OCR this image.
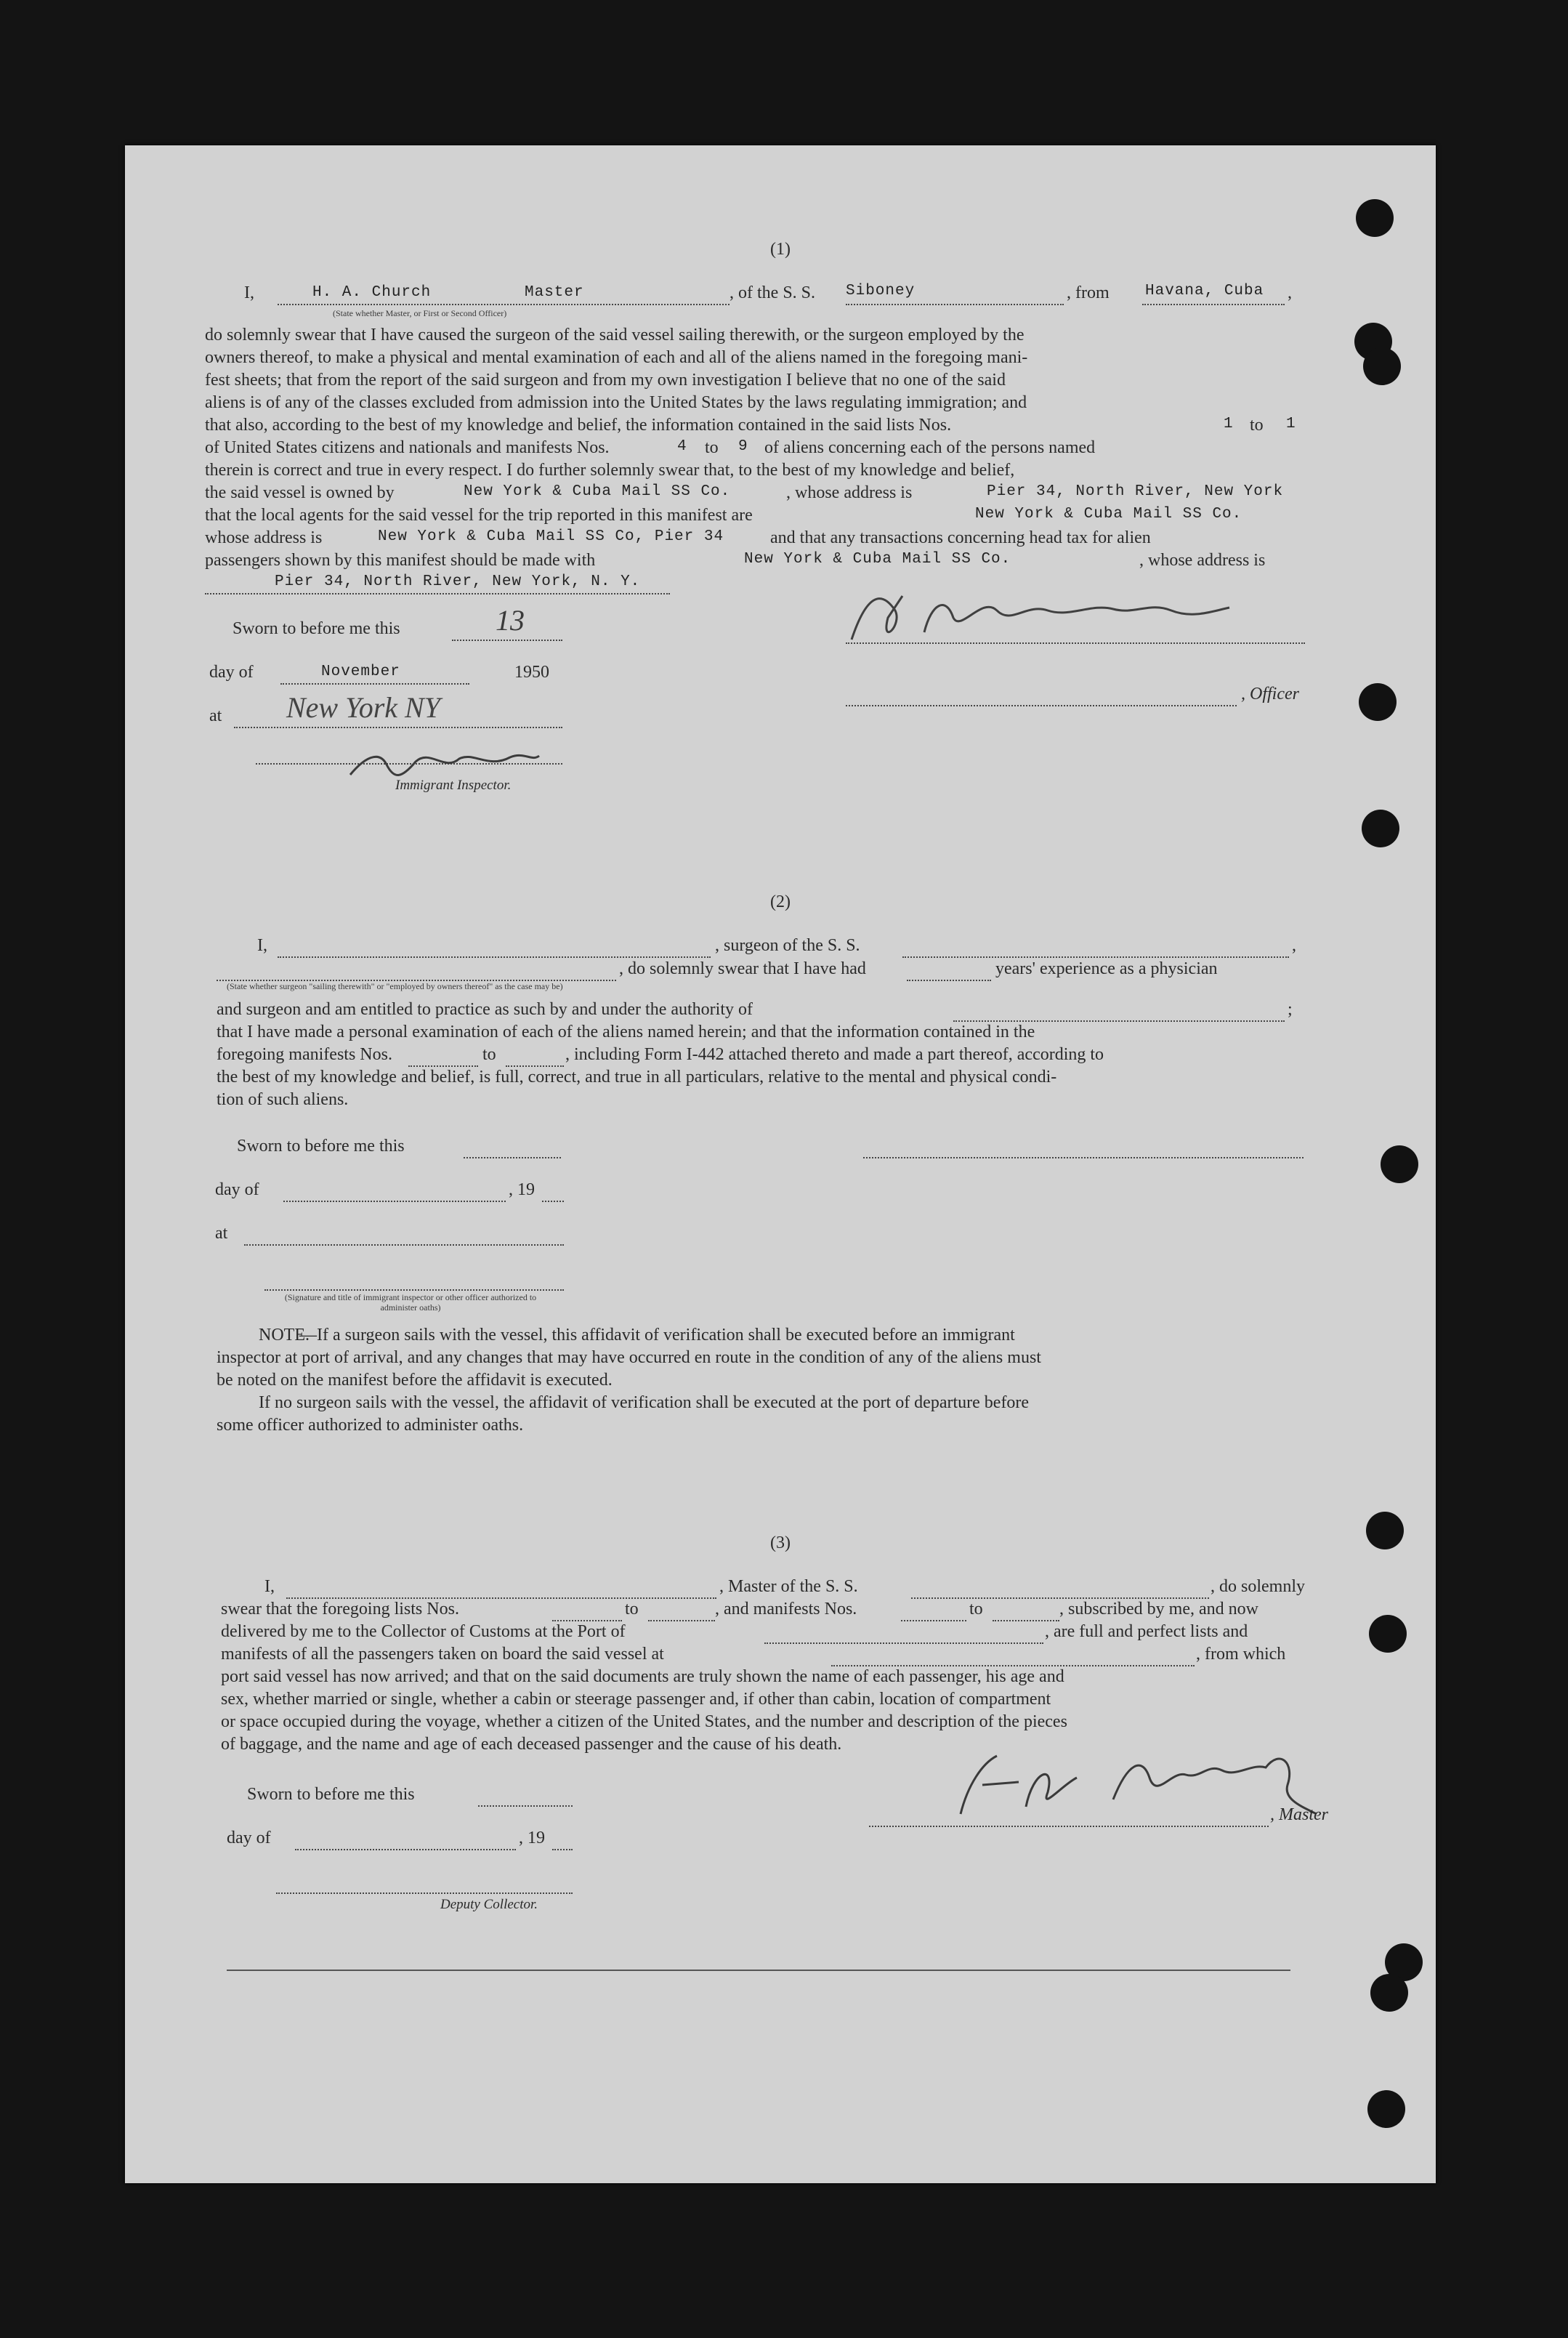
(1)
I,	H. A. Church	Master
(State whether Master, or First or Second Officer)
, of the S. S. Siboney	, from Havana, Cuba ,
do solemnly swear that I have caused the surgeon of the said vessel sailing therewith, or the surgeon employed by the
owners thereof, to make a physical and mental examination of each and all of the aliens named in the foregoing mani-
fest sheets; that from the report of the said surgeon and from my own investigation I believe that no one of the said
aliens is of any of the classes excluded from admission into the United States by the laws regulating immigration; and
that also, according to the best of my knowledge and belief, the information contained in the said lists Nos.	1 to 1
of United States citizens and nationals and manifests Nos.	4 to 9 of aliens concerning each of the persons named
therein is correct and true in every respect. I do further solemnly swear that, to the best of my knowledge and belief,
the said vessel is owned by	New York & Cuba Mail SS Co.	, whose address is	Pier 34, North River, New York
that the local agents for the said vessel for the trip reported in this manifest are	New York & Cuba Mail SS Co.
whose address is	New York & Cuba Mail SS Co, Pier 34	and that any transactions concerning head tax for alien
passengers shown by this manifest should be made with	New York & Cuba Mail SS Co.	, whose address is
Pier 34, North River, New York, N. Y.
Sworn to before me this	13
day of	November	1950
at New York NY
Immigrant Inspector.
, Officer
(2)
I,	, surgeon of the S. S.	,
, do solemnly swear that I have had	years' experience as a physician
(State whether surgeon "sailing therewith" or "employed by owners thereof" as the case may be)
and surgeon and am entitled to practice as such by and under the authority of	;
that I have made a personal examination of each of the aliens named herein; and that the information contained in the
foregoing manifests Nos.	to	, including Form I-442 attached thereto and made a part thereof, according to
the best of my knowledge and belief, is full, correct, and true in all particulars, relative to the mental and physical condi-
tion of such aliens.
Sworn to before me this
day of	, 19
at
(Signature and title of immigrant inspector or other officer authorized to administer oaths)
NOTE.
—If a surgeon sails with the vessel, this affidavit of verification shall be executed before an immigrant
inspector at port of arrival, and any changes that may have occurred en route in the condition of any of the aliens must
be noted on the manifest before the affidavit is executed.
If no surgeon sails with the vessel, the affidavit of verification shall be executed at the port of departure before
some officer authorized to administer oaths.
(3)
I,	, Master of the S. S.	, do solemnly
swear that the foregoing lists Nos.	to	, and manifests Nos.	to	, subscribed by me, and now
delivered by me to the Collector of Customs at the Port of	, are full and perfect lists and
manifests of all the passengers taken on board the said vessel at	, from which
port said vessel has now arrived; and that on the said documents are truly shown the name of each passenger, his age and
sex, whether married or single, whether a cabin or steerage passenger and, if other than cabin, location of compartment
or space occupied during the voyage, whether a citizen of the United States, and the number and description of the pieces
of baggage, and the name and age of each deceased passenger and the cause of his death.
Sworn to before me this
, Master
day of	, 19
Deputy Collector.
